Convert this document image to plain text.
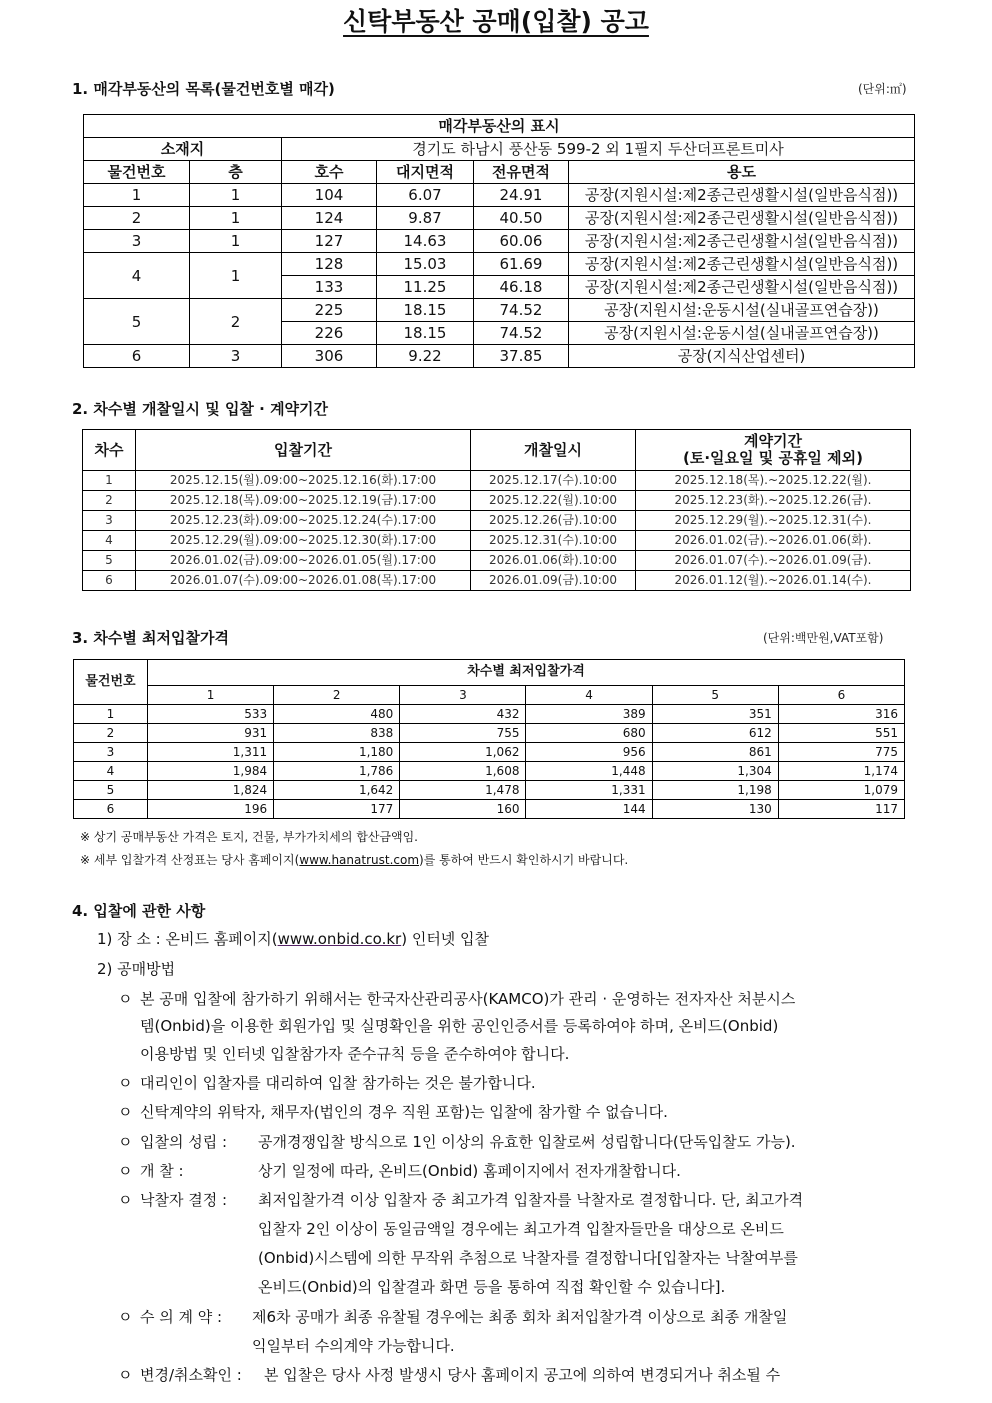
신탁부동산 공매(입찰) 공고
1. 매각부동산의 목록(물건번호별 매각)	(단위:㎡)
매각부동산의 표시					
소재지		경기도 하남시 풍산동 599-2 외 1필지 두산더프론트미사			
물건번호	층	호수	대지면적	전유면적	용도
1	1	104	6.07	24.91	공장(지원시설:제2종근린생활시설(일반음식점))
2	1	124	9.87	40.50	공장(지원시설:제2종근린생활시설(일반음식점))
3	1	127	14.63	60.06	공장(지원시설:제2종근린생활시설(일반음식점))
4	1	128	15.03	61.69	공장(지원시설:제2종근린생활시설(일반음식점))
		133	11.25	46.18	공장(지원시설:제2종근린생활시설(일반음식점))
5	2	225	18.15	74.52	공장(지원시설:운동시설(실내골프연습장))
		226	18.15	74.52	공장(지원시설:운동시설(실내골프연습장))
6	3	306	9.22	37.85	공장(지식산업센터)
2. 차수별 개찰일시 및 입찰 · 계약기간
차수	입찰기간	개찰일시	계약기간
(토·일요일 및 공휴일 제외)

1	2025.12.15(월).09:00~2025.12.16(화).17:00	2025.12.17(수).10:00	2025.12.18(목).~2025.12.22(월).
2	2025.12.18(목).09:00~2025.12.19(금).17:00	2025.12.22(월).10:00	2025.12.23(화).~2025.12.26(금).
3	2025.12.23(화).09:00~2025.12.24(수).17:00	2025.12.26(금).10:00	2025.12.29(월).~2025.12.31(수).
4	2025.12.29(월).09:00~2025.12.30(화).17:00	2025.12.31(수).10:00	2026.01.02(금).~2026.01.06(화).
5	2026.01.02(금).09:00~2026.01.05(월).17:00	2026.01.06(화).10:00	2026.01.07(수).~2026.01.09(금).
6	2026.01.07(수).09:00~2026.01.08(목).17:00	2026.01.09(금).10:00	2026.01.12(월).~2026.01.14(수).
3. 차수별 최저입찰가격	(단위:백만원,VAT포함)
물건번호	차수별 최저입찰가격					
	1	2	3	4	5	6
1	533	480	432	389	351	316
2	931	838	755	680	612	551
3	1,311	1,180	1,062	956	861	775
4	1,984	1,786	1,608	1,448	1,304	1,174
5	1,824	1,642	1,478	1,331	1,198	1,079
6	196	177	160	144	130	117
※ 상기 공매부동산 가격은 토지, 건물, 부가가치세의 합산금액임.
※ 세부 입찰가격 산정표는 당사 홈페이지(www.hanatrust.com)를 통하여 반드시 확인하시기 바랍니다.
4. 입찰에 관한 사항
1) 장 소 : 온비드 홈페이지(www.onbid.co.kr) 인터넷 입찰
2) 공매방법
ㅇ 본 공매 입찰에 참가하기 위해서는 한국자산관리공사(KAMCO)가 관리 · 운영하는 전자자산 처분시스
템(Onbid)을 이용한 회원가입 및 실명확인을 위한 공인인증서를 등록하여야 하며, 온비드(Onbid)
이용방법 및 인터넷 입찰참가자 준수규칙 등을 준수하여야 합니다.
ㅇ 대리인이 입찰자를 대리하여 입찰 참가하는 것은 불가합니다.
ㅇ 신탁계약의 위탁자, 채무자(법인의 경우 직원 포함)는 입찰에 참가할 수 없습니다.
ㅇ 입찰의 성립 : 공개경쟁입찰 방식으로 1인 이상의 유효한 입찰로써 성립합니다(단독입찰도 가능).
ㅇ 개 찰 :	상기 일정에 따라, 온비드(Onbid) 홈페이지에서 전자개찰합니다.
ㅇ 낙찰자 결정 : 최저입찰가격 이상 입찰자 중 최고가격 입찰자를 낙찰자로 결정합니다. 단, 최고가격
입찰자 2인 이상이 동일금액일 경우에는 최고가격 입찰자들만을 대상으로 온비드
(Onbid)시스템에 의한 무작위 추첨으로 낙찰자를 결정합니다[입찰자는 낙찰여부를
온비드(Onbid)의 입찰결과 화면 등을 통하여 직접 확인할 수 있습니다].
ㅇ 수 의 계 약 : 제6차 공매가 최종 유찰될 경우에는 최종 회차 최저입찰가격 이상으로 최종 개찰일
익일부터 수의계약 가능합니다.
ㅇ 변경/취소확인 : 본 입찰은 당사 사정 발생시 당사 홈페이지 공고에 의하여 변경되거나 취소될 수
